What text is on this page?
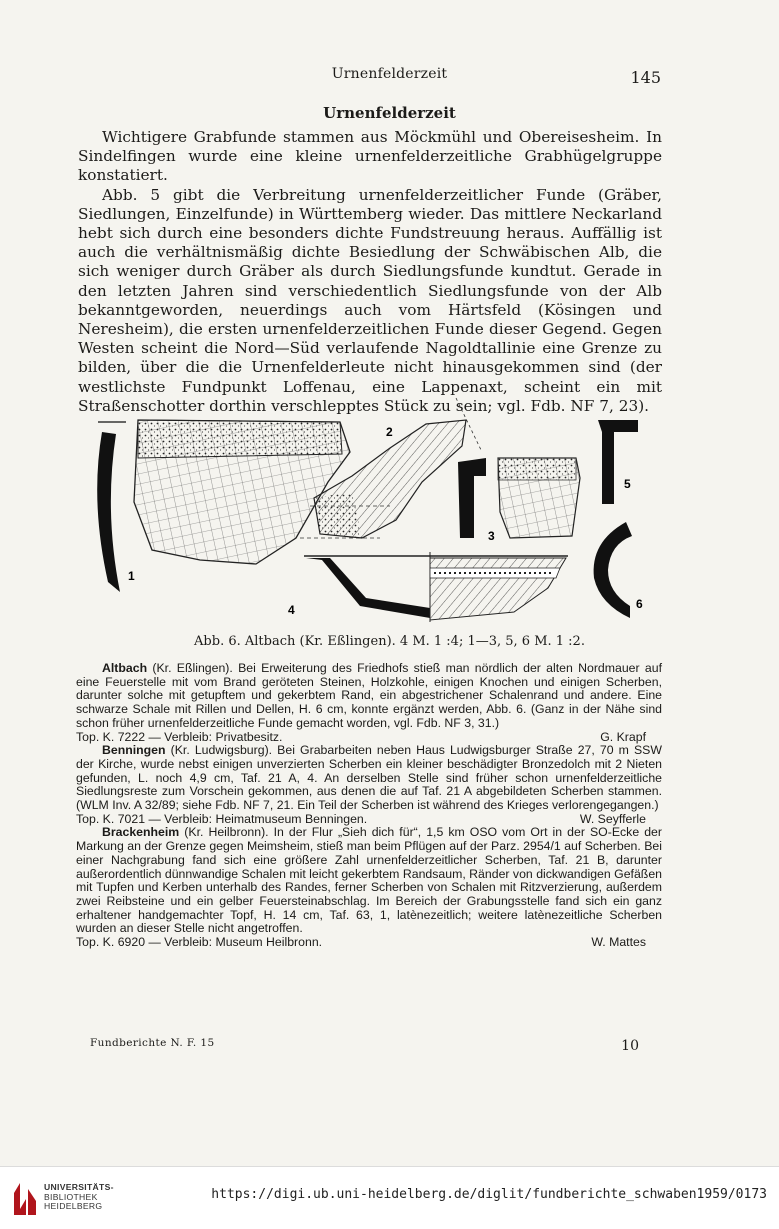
Urnenfelderzeit	145
Urnenfelderzeit

Wichtigere Grabfunde stammen aus Möckmühl und Obereisesheim. In Sindelfingen wurde eine kleine urnenfelderzeitliche Grabhügelgruppe konstatiert.

Abb. 5 gibt die Verbreitung urnenfelderzeitlicher Funde (Gräber, Siedlungen, Einzelfunde) in Württemberg wieder. Das mittlere Neckarland hebt sich durch eine besonders dichte Fundstreuung heraus. Auffällig ist auch die verhältnismäßig dichte Besiedlung der Schwäbischen Alb, die sich weniger durch Gräber als durch Siedlungsfunde kundtut. Gerade in den letzten Jahren sind verschiedentlich Siedlungsfunde von der Alb bekanntgeworden, neuerdings auch vom Härtsfeld (Kösingen und Neresheim), die ersten urnenfelderzeitlichen Funde dieser Gegend. Gegen Westen scheint die Nord—Süd verlaufende Nagoldtallinie eine Grenze zu bilden, über die die Urnenfelderleute nicht hinausgekommen sind (der westlichste Fundpunkt Loffenau, eine Lappenaxt, scheint ein mit Straßenschotter dorthin verschlepptes Stück zu sein; vgl. Fdb. NF 7, 23).

1
2
3
5
6
4
Abb. 6. Altbach (Kr. Eßlingen). 4 M. 1 :4; 1—3, 5, 6 M. 1 :2.

Altbach (Kr. Eßlingen). Bei Erweiterung des Friedhofs stieß man nördlich der alten Nordmauer auf eine Feuerstelle mit vom Brand geröteten Steinen, Holzkohle, einigen Knochen und einigen Scherben, darunter solche mit getupftem und gekerbtem Rand, ein abgestrichener Schalenrand und andere. Eine schwarze Schale mit Rillen und Dellen, H. 6 cm, konnte ergänzt werden, Abb. 6. (Ganz in der Nähe sind schon früher urnenfelderzeitliche Funde gemacht worden, vgl. Fdb. NF 3, 31.)

Top. K. 7222 — Verbleib: Privatbesitz.	G. Krapf

Benningen (Kr. Ludwigsburg). Bei Grabarbeiten neben Haus Ludwigsburger Straße 27, 70 m SSW der Kirche, wurde nebst einigen unverzierten Scherben ein kleiner beschädigter Bronzedolch mit 2 Nieten gefunden, L. noch 4,9 cm, Taf. 21 A, 4. An derselben Stelle sind früher schon urnenfelderzeitliche Siedlungsreste zum Vorschein gekommen, aus denen die auf Taf. 21 A abgebildeten Scherben stammen. (WLM Inv. A 32/89; siehe Fdb. NF 7, 21. Ein Teil der Scherben ist während des Krieges verlorengegangen.)

Top. K. 7021 — Verbleib: Heimatmuseum Benningen.	W. Seyfferle

Brackenheim (Kr. Heilbronn). In der Flur „Sieh dich für“, 1,5 km OSO vom Ort in der SO-Ecke der Markung an der Grenze gegen Meimsheim, stieß man beim Pflügen auf der Parz. 2954/1 auf Scherben. Bei einer Nachgrabung fand sich eine größere Zahl urnenfelderzeitlicher Scherben, Taf. 21 B, darunter außerordentlich dünnwandige Schalen mit leicht gekerbtem Randsaum, Ränder von dickwandigen Gefäßen mit Tupfen und Kerben unterhalb des Randes, ferner Scherben von Schalen mit Ritzverzierung, außerdem zwei Reibsteine und ein gelber Feuersteinabschlag. Im Bereich der Grabungsstelle fand sich ein ganz erhaltener handgemachter Topf, H. 14 cm, Taf. 63, 1, latènezeitlich; weitere latènezeitliche Scherben wurden an dieser Stelle nicht angetroffen.

Top. K. 6920 — Verbleib: Museum Heilbronn.	W. Mattes
Fundberichte N. F. 15	10
UNIVERSITÄTS-
BIBLIOTHEK
HEIDELBERG
https://digi.ub.uni-heidelberg.de/diglit/fundberichte_schwaben1959/0173
